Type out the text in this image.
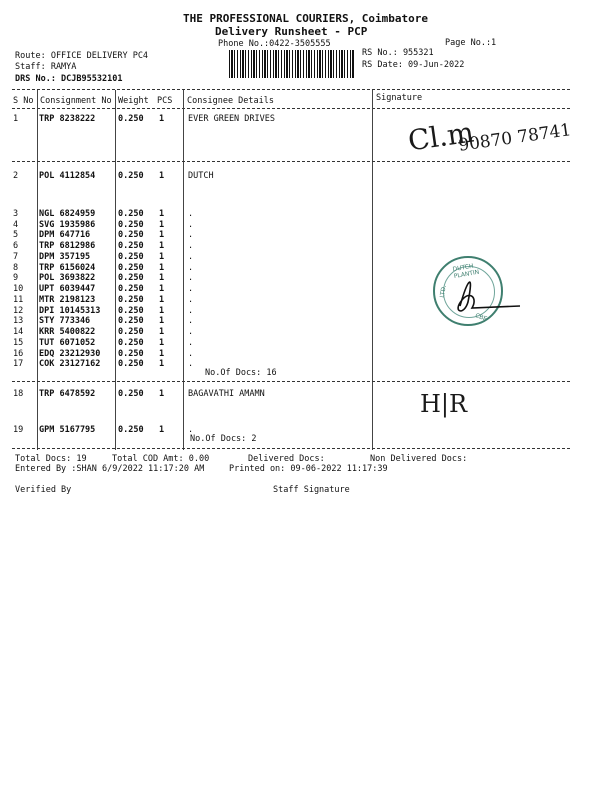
THE PROFESSIONAL COURIERS, Coimbatore
Delivery Runsheet - PCP
Phone No.:0422-3505555	Page No.:1
Route: OFFICE DELIVERY PC4
Staff: RAMYA
DRS No.: DCJB95532101
RS No.: 955321
RS Date: 09-Jun-2022
S No Consignment No Weight PCS Consignee Details	Signature
1 TRP 8238222	0.250 1	EVER GREEN DRIVES
2 POL 4112854	0.250 1	DUTCH
3 NGL 6824959	0.250 1	.
4 SVG 1935986	0.250 1	.
5 DPM 647716	0.250 1	.
6 TRP 6812986	0.250 1	.
7 DPM 357195	0.250 1	.
8 TRP 6156024	0.250 1	.
9 POL 3693822	0.250 1	.
10 UPT 6039447	0.250 1	.
11 MTR 2198123	0.250 1	.
12 DPI 10145313 0.250 1	.
13 STY 773346	0.250 1	.
14 KRR 5400822	0.250 1	.
15 TUT 6071052	0.250 1	.
16 EDQ 23212930 0.250 1	.
17 COK 23127162 0.250 1	.
18 TRP 6478592	0.250 1	BAGAVATHI AMAMN
19 GPM 5167795	0.250 1	.
No.Of Docs: 16
No.Of Docs: 2
Cl.m
90870 78741
H|R
DUTCH PLANTIN
LTD.
CBE
Total Docs: 19	Total COD Amt: 0.00	Delivered Docs:	Non Delivered Docs:
Entered By :SHAN 6/9/2022 11:17:20 AM	Printed on: 09-06-2022 11:17:39
Verified By	Staff Signature
